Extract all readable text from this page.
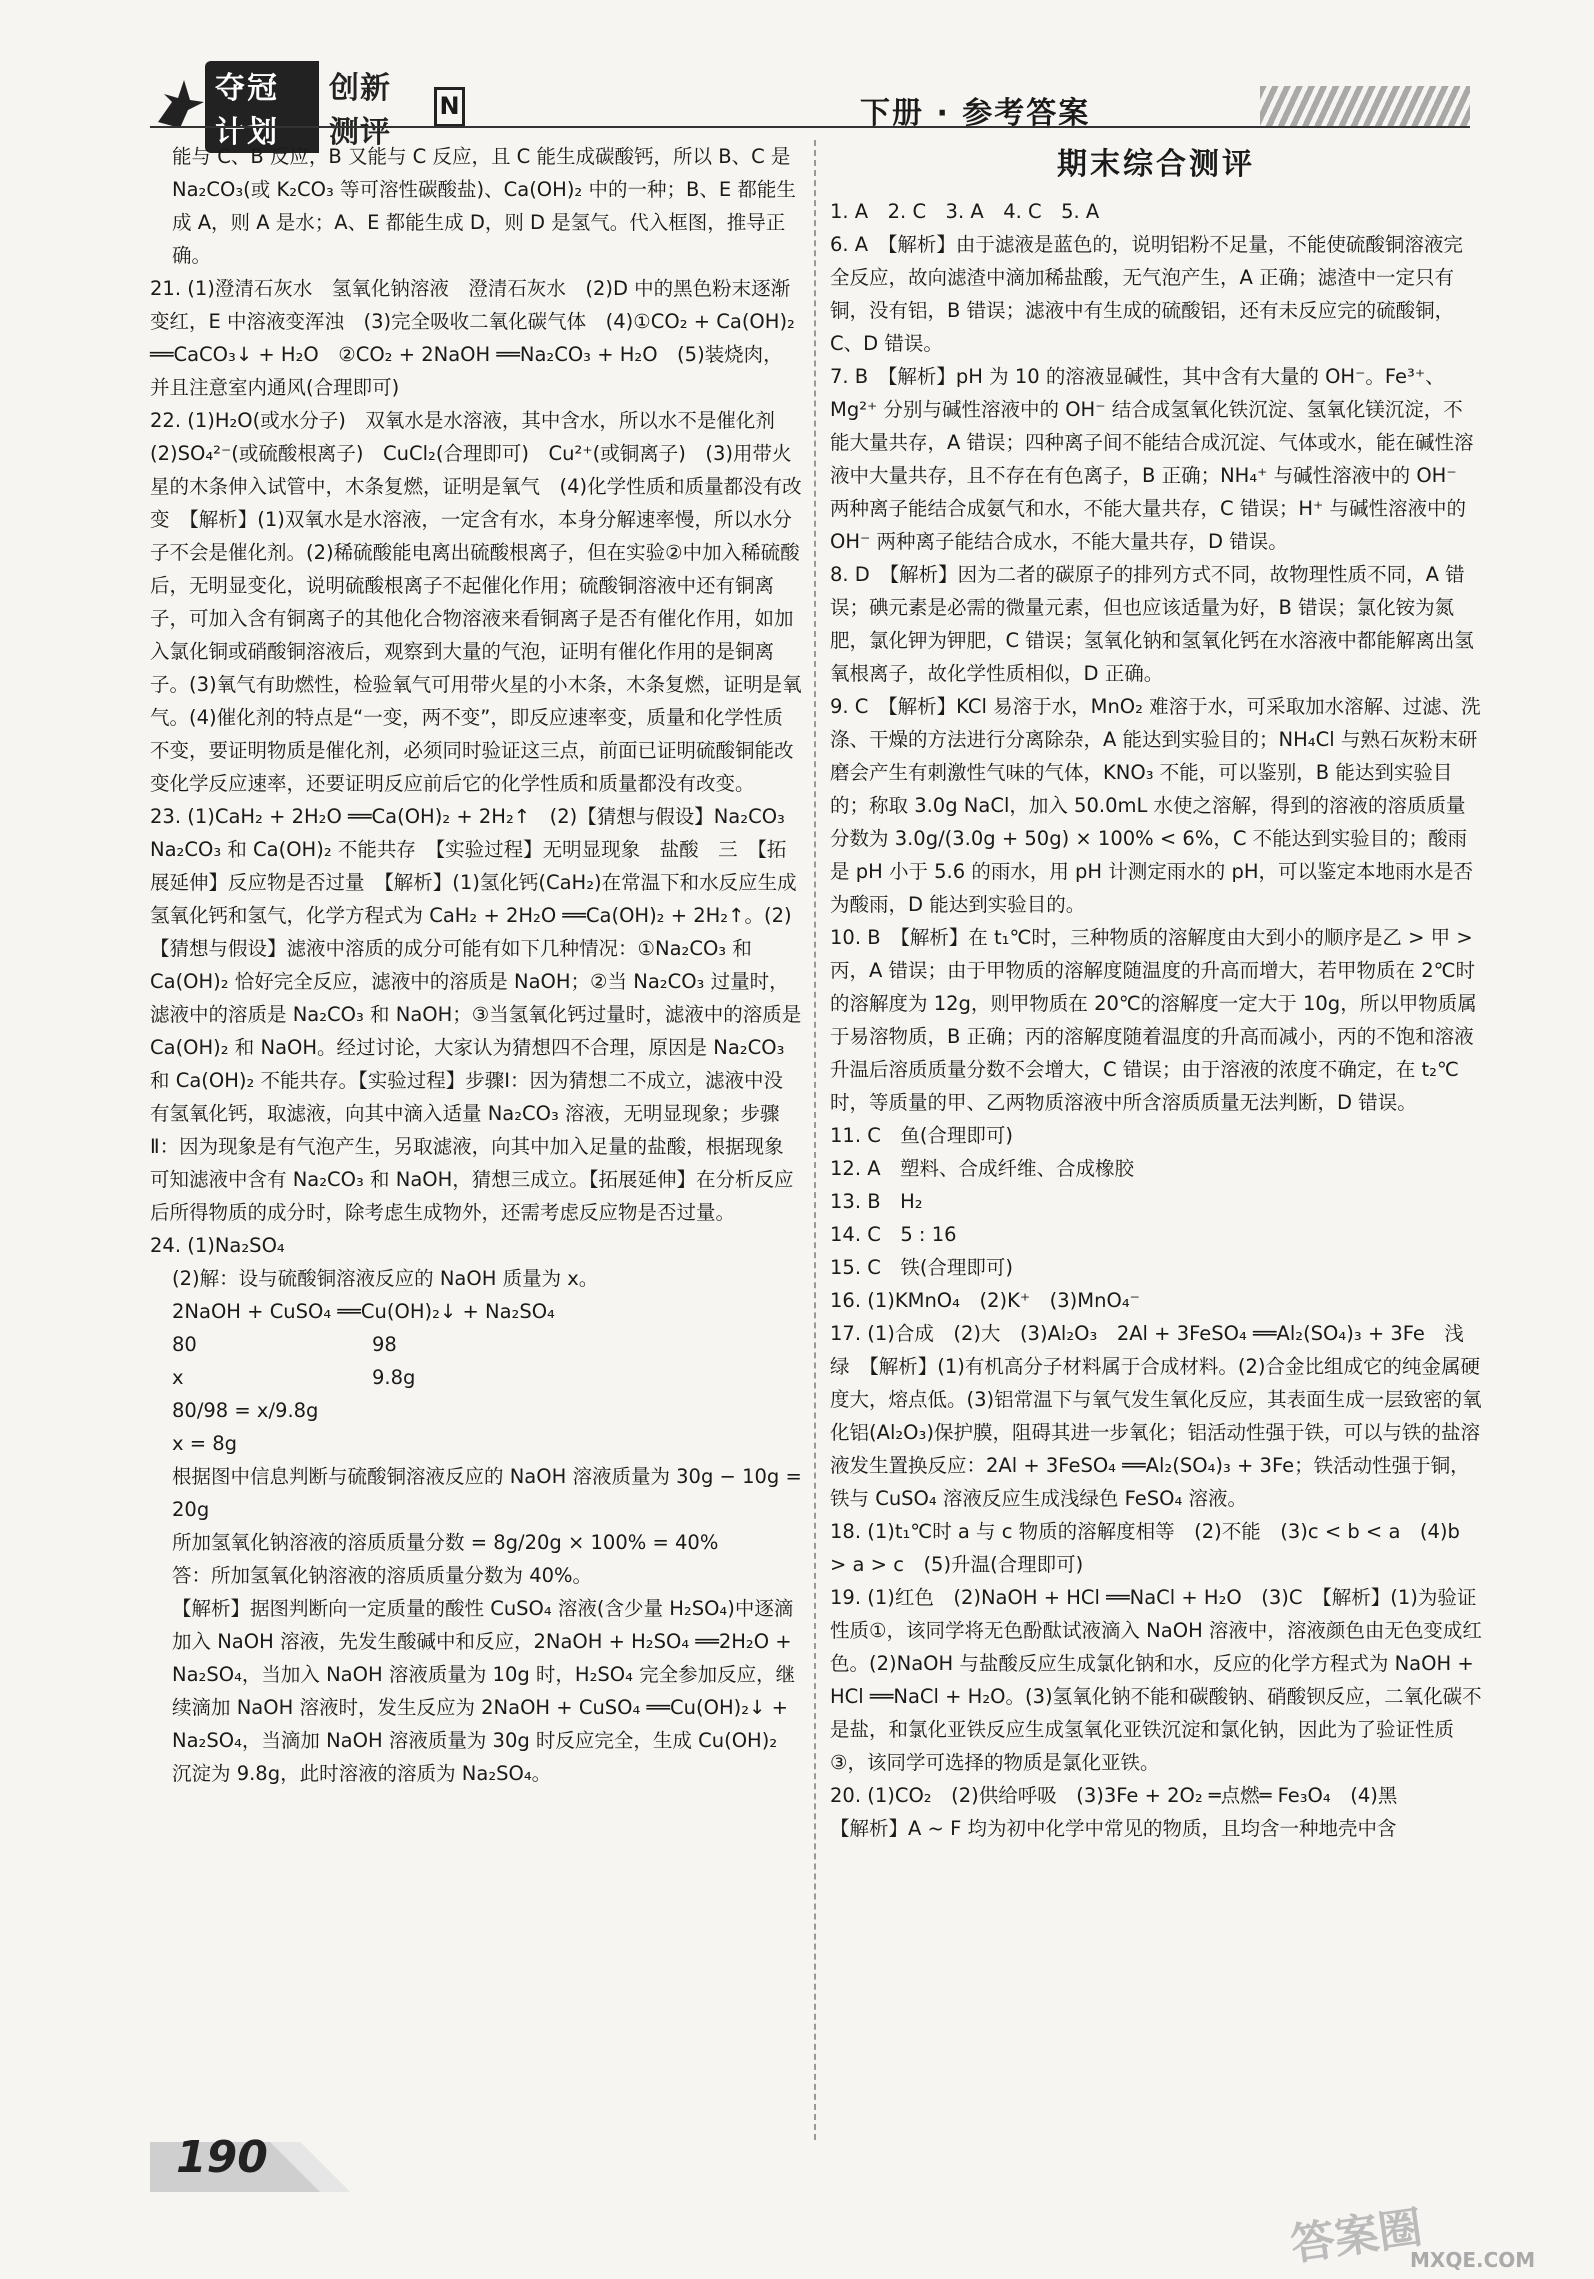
夺冠计划
创新测评
N	下册 · 参考答案

能与 C、B 反应，B 又能与 C 反应，且 C 能生成碳酸钙，所以 B、C 是 Na₂CO₃(或 K₂CO₃ 等可溶性碳酸盐)、Ca(OH)₂ 中的一种；B、E 都能生成 A，则 A 是水；A、E 都能生成 D，则 D 是氢气。代入框图，推导正确。

21. (1)澄清石灰水　氢氧化钠溶液　澄清石灰水　(2)D 中的黑色粉末逐渐变红，E 中溶液变浑浊　(3)完全吸收二氧化碳气体　(4)①CO₂ + Ca(OH)₂ ══CaCO₃↓ + H₂O　②CO₂ + 2NaOH ══Na₂CO₃ + H₂O　(5)装烧肉，并且注意室内通风(合理即可)

22. (1)H₂O(或水分子)　双氧水是水溶液，其中含水，所以水不是催化剂　(2)SO₄²⁻(或硫酸根离子)　CuCl₂(合理即可)　Cu²⁺(或铜离子)　(3)用带火星的木条伸入试管中，木条复燃，证明是氧气　(4)化学性质和质量都没有改变　【解析】(1)双氧水是水溶液，一定含有水，本身分解速率慢，所以水分子不会是催化剂。(2)稀硫酸能电离出硫酸根离子，但在实验②中加入稀硫酸后，无明显变化，说明硫酸根离子不起催化作用；硫酸铜溶液中还有铜离子，可加入含有铜离子的其他化合物溶液来看铜离子是否有催化作用，如加入氯化铜或硝酸铜溶液后，观察到大量的气泡，证明有催化作用的是铜离子。(3)氧气有助燃性，检验氧气可用带火星的小木条，木条复燃，证明是氧气。(4)催化剂的特点是“一变，两不变”，即反应速率变，质量和化学性质不变，要证明物质是催化剂，必须同时验证这三点，前面已证明硫酸铜能改变化学反应速率，还要证明反应前后它的化学性质和质量都没有改变。

23. (1)CaH₂ + 2H₂O ══Ca(OH)₂ + 2H₂↑　(2)【猜想与假设】Na₂CO₃　Na₂CO₃ 和 Ca(OH)₂ 不能共存　【实验过程】无明显现象　盐酸　三　【拓展延伸】反应物是否过量　【解析】(1)氢化钙(CaH₂)在常温下和水反应生成氢氧化钙和氢气，化学方程式为 CaH₂ + 2H₂O ══Ca(OH)₂ + 2H₂↑。(2)【猜想与假设】滤液中溶质的成分可能有如下几种情况：①Na₂CO₃ 和 Ca(OH)₂ 恰好完全反应，滤液中的溶质是 NaOH；②当 Na₂CO₃ 过量时，滤液中的溶质是 Na₂CO₃ 和 NaOH；③当氢氧化钙过量时，滤液中的溶质是 Ca(OH)₂ 和 NaOH。经过讨论，大家认为猜想四不合理，原因是 Na₂CO₃ 和 Ca(OH)₂ 不能共存。【实验过程】步骤Ⅰ：因为猜想二不成立，滤液中没有氢氧化钙，取滤液，向其中滴入适量 Na₂CO₃ 溶液，无明显现象；步骤Ⅱ：因为现象是有气泡产生，另取滤液，向其中加入足量的盐酸，根据现象可知滤液中含有 Na₂CO₃ 和 NaOH，猜想三成立。【拓展延伸】在分析反应后所得物质的成分时，除考虑生成物外，还需考虑反应物是否过量。

24. (1)Na₂SO₄

(2)解：设与硫酸铜溶液反应的 NaOH 质量为 x。

2NaOH + CuSO₄ ══Cu(OH)₂↓ + Na₂SO₄

80	98
x	9.8g

80/98 = x/9.8g

x = 8g

根据图中信息判断与硫酸铜溶液反应的 NaOH 溶液质量为 30g − 10g = 20g

所加氢氧化钠溶液的溶质质量分数 = 8g/20g × 100% = 40%

答：所加氢氧化钠溶液的溶质质量分数为 40%。

【解析】据图判断向一定质量的酸性 CuSO₄ 溶液(含少量 H₂SO₄)中逐滴加入 NaOH 溶液，先发生酸碱中和反应，2NaOH + H₂SO₄ ══2H₂O + Na₂SO₄，当加入 NaOH 溶液质量为 10g 时，H₂SO₄ 完全参加反应，继续滴加 NaOH 溶液时，发生反应为 2NaOH + CuSO₄ ══Cu(OH)₂↓ + Na₂SO₄，当滴加 NaOH 溶液质量为 30g 时反应完全，生成 Cu(OH)₂ 沉淀为 9.8g，此时溶液的溶质为 Na₂SO₄。

期末综合测评

1. A　2. C　3. A　4. C　5. A

6. A　【解析】由于滤液是蓝色的，说明铝粉不足量，不能使硫酸铜溶液完全反应，故向滤渣中滴加稀盐酸，无气泡产生，A 正确；滤渣中一定只有铜，没有铝，B 错误；滤液中有生成的硫酸铝，还有未反应完的硫酸铜，C、D 错误。

7. B　【解析】pH 为 10 的溶液显碱性，其中含有大量的 OH⁻。Fe³⁺、Mg²⁺ 分别与碱性溶液中的 OH⁻ 结合成氢氧化铁沉淀、氢氧化镁沉淀，不能大量共存，A 错误；四种离子间不能结合成沉淀、气体或水，能在碱性溶液中大量共存，且不存在有色离子，B 正确；NH₄⁺ 与碱性溶液中的 OH⁻ 两种离子能结合成氨气和水，不能大量共存，C 错误；H⁺ 与碱性溶液中的 OH⁻ 两种离子能结合成水，不能大量共存，D 错误。

8. D　【解析】因为二者的碳原子的排列方式不同，故物理性质不同，A 错误；碘元素是必需的微量元素，但也应该适量为好，B 错误；氯化铵为氮肥，氯化钾为钾肥，C 错误；氢氧化钠和氢氧化钙在水溶液中都能解离出氢氧根离子，故化学性质相似，D 正确。

9. C　【解析】KCl 易溶于水，MnO₂ 难溶于水，可采取加水溶解、过滤、洗涤、干燥的方法进行分离除杂，A 能达到实验目的；NH₄Cl 与熟石灰粉末研磨会产生有刺激性气味的气体，KNO₃ 不能，可以鉴别，B 能达到实验目的；称取 3.0g NaCl，加入 50.0mL 水使之溶解，得到的溶液的溶质质量分数为 3.0g/(3.0g + 50g) × 100% < 6%，C 不能达到实验目的；酸雨是 pH 小于 5.6 的雨水，用 pH 计测定雨水的 pH，可以鉴定本地雨水是否为酸雨，D 能达到实验目的。

10. B　【解析】在 t₁℃时，三种物质的溶解度由大到小的顺序是乙 > 甲 > 丙，A 错误；由于甲物质的溶解度随温度的升高而增大，若甲物质在 2℃时的溶解度为 12g，则甲物质在 20℃的溶解度一定大于 10g，所以甲物质属于易溶物质，B 正确；丙的溶解度随着温度的升高而减小，丙的不饱和溶液升温后溶质质量分数不会增大，C 错误；由于溶液的浓度不确定，在 t₂℃时，等质量的甲、乙两物质溶液中所含溶质质量无法判断，D 错误。

11. C　鱼(合理即可)

12. A　塑料、合成纤维、合成橡胶

13. B　H₂

14. C　5 : 16

15. C　铁(合理即可)

16. (1)KMnO₄　(2)K⁺　(3)MnO₄⁻

17. (1)合成　(2)大　(3)Al₂O₃　2Al + 3FeSO₄ ══Al₂(SO₄)₃ + 3Fe　浅绿　【解析】(1)有机高分子材料属于合成材料。(2)合金比组成它的纯金属硬度大，熔点低。(3)铝常温下与氧气发生氧化反应，其表面生成一层致密的氧化铝(Al₂O₃)保护膜，阻碍其进一步氧化；铝活动性强于铁，可以与铁的盐溶液发生置换反应：2Al + 3FeSO₄ ══Al₂(SO₄)₃ + 3Fe；铁活动性强于铜，铁与 CuSO₄ 溶液反应生成浅绿色 FeSO₄ 溶液。

18. (1)t₁℃时 a 与 c 物质的溶解度相等　(2)不能　(3)c < b < a　(4)b > a > c　(5)升温(合理即可)

19. (1)红色　(2)NaOH + HCl ══NaCl + H₂O　(3)C　【解析】(1)为验证性质①，该同学将无色酚酞试液滴入 NaOH 溶液中，溶液颜色由无色变成红色。(2)NaOH 与盐酸反应生成氯化钠和水，反应的化学方程式为 NaOH + HCl ══NaCl + H₂O。(3)氢氧化钠不能和碳酸钠、硝酸钡反应，二氧化碳不是盐，和氯化亚铁反应生成氢氧化亚铁沉淀和氯化钠，因此为了验证性质③，该同学可选择的物质是氯化亚铁。

20. (1)CO₂　(2)供给呼吸　(3)3Fe + 2O₂ ═点燃═ Fe₃O₄　(4)黑

【解析】A ~ F 均为初中化学中常见的物质，且均含一种地壳中含

190
答案圈
MXQE.COM
